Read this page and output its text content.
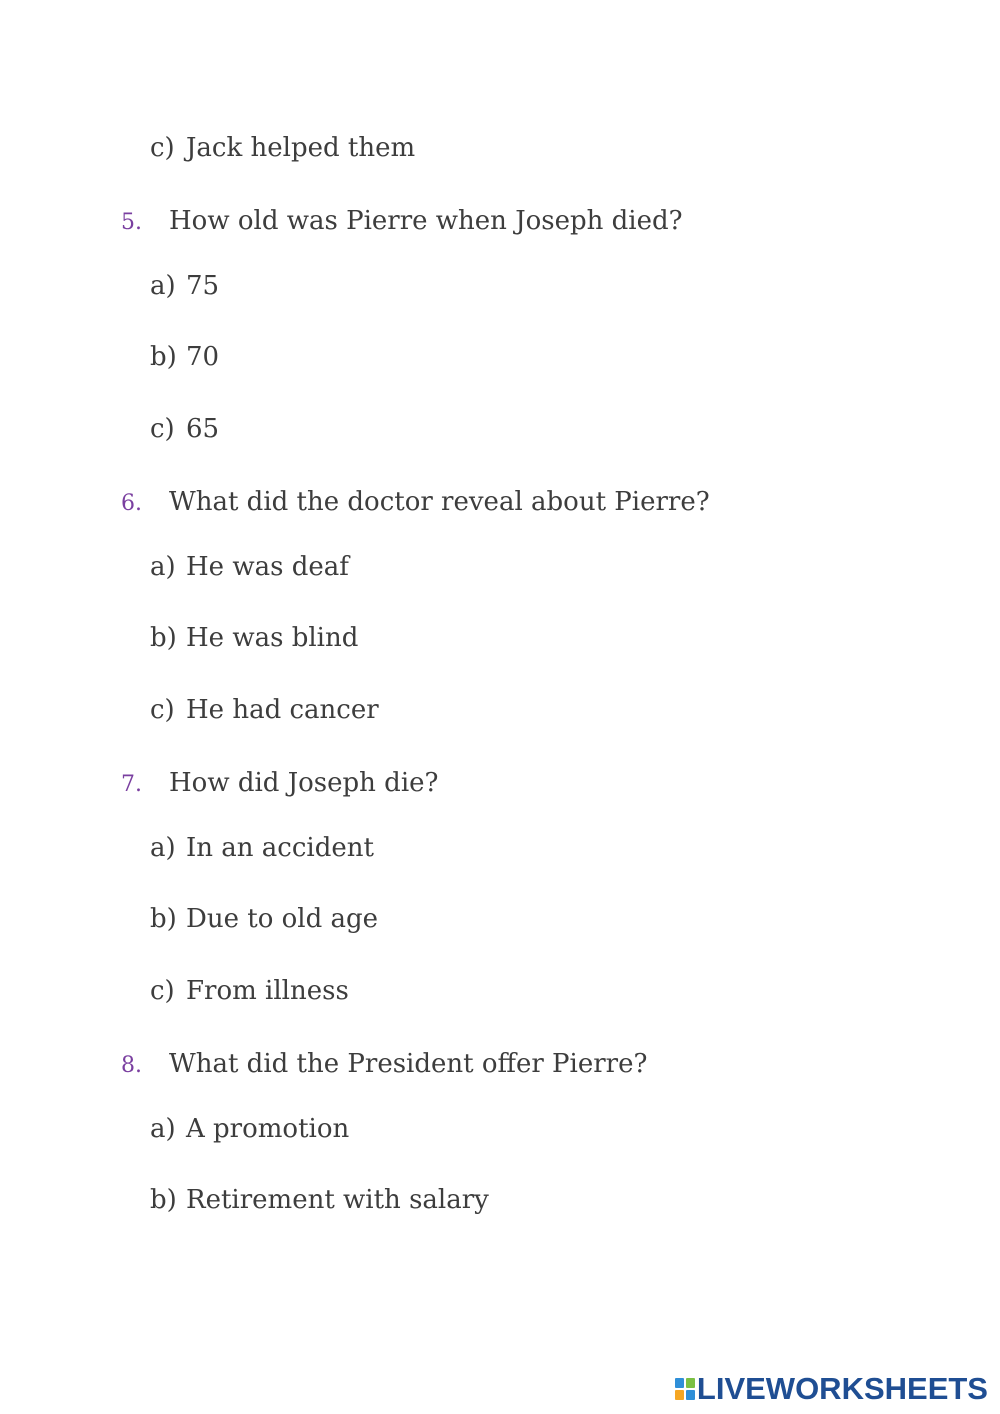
c) Jack helped them
5. How old was Pierre when Joseph died?
a) 75
b) 70
c) 65
6. What did the doctor reveal about Pierre?
a) He was deaf
b) He was blind
c) He had cancer
7. How did Joseph die?
a) In an accident
b) Due to old age
c) From illness
8. What did the President offer Pierre?
a) A promotion
b) Retirement with salary
LIVEWORKSHEETS
